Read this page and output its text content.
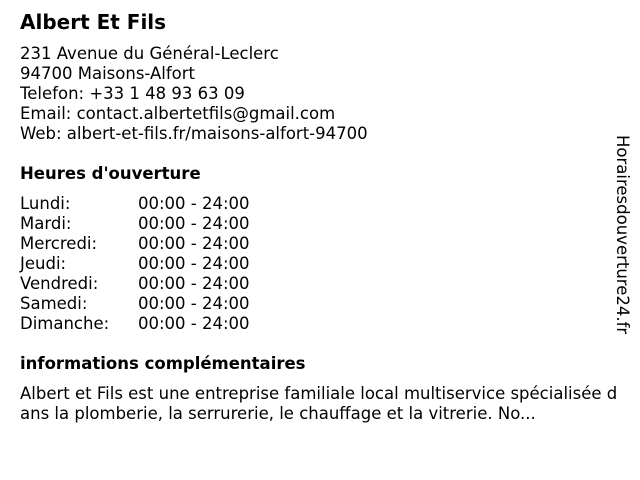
Albert Et Fils
231 Avenue du Général-Leclerc
94700 Maisons-Alfort
Telefon: +33 1 48 93 63 09
Email: contact.albertetfils@gmail.com
Web: albert-et-fils.fr/maisons-alfort-94700
Heures d'ouverture
Lundi:	00:00 - 24:00
Mardi:	00:00 - 24:00
Mercredi: 00:00 - 24:00
Jeudi:	00:00 - 24:00
Vendredi: 00:00 - 24:00
Samedi:	00:00 - 24:00
Dimanche: 00:00 - 24:00
informations complémentaires
Albert et Fils est une entreprise familiale local multiservice spécialisée dans la plomberie, la serrurerie, le chauffage et la vitrerie. No...
Horairesdouverture24.fr
